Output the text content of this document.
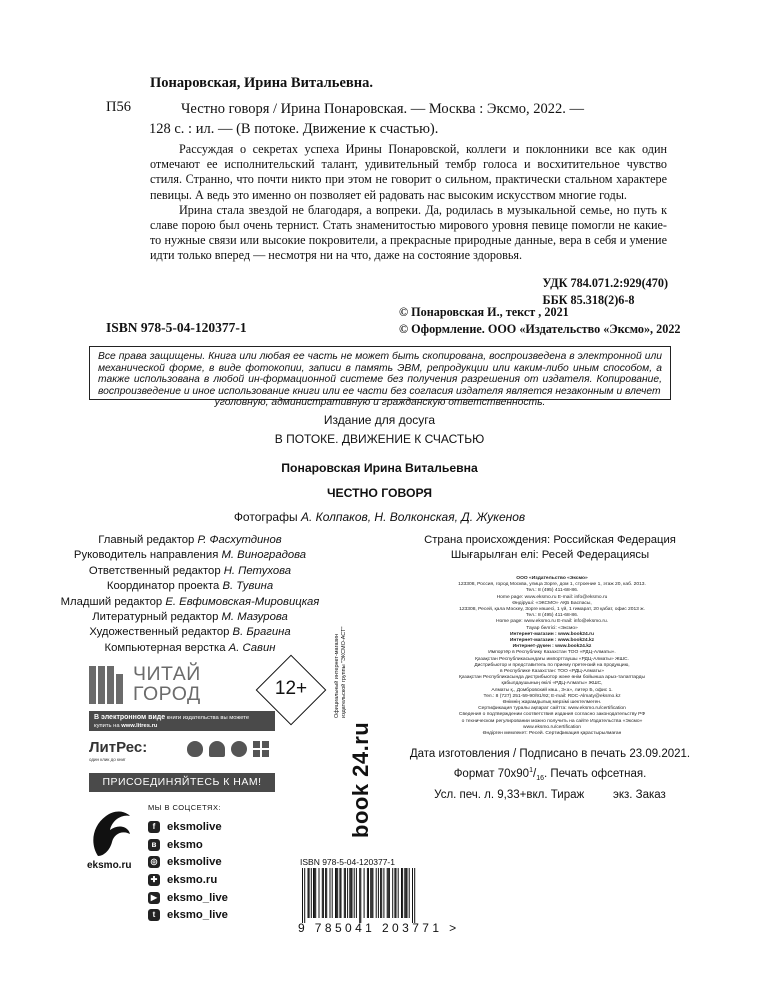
Понаровская, Ирина Витальевна.
П56	Честно говоря / Ирина Понаровская. — Москва : Эксмо, 2022. —
128 с. : ил. — (В потоке. Движение к счастью).

Рассуждая о секретах успеха Ирины Понаровской, коллеги и поклонники все как один отмечают ее исполнительский талант, удивительный тембр голоса и восхитительное чувство стиля. Странно, что почти никто при этом не говорит о сильном, практически стальном характере певицы. А ведь это именно он позволяет ей радовать нас высоким искусством многие годы.

Ирина стала звездой не благодаря, а вопреки. Да, родилась в музыкальной семье, но путь к славе порою был очень тернист. Стать знаменитостью мирового уровня певице помогли не какие-то нужные связи или высокие покровители, а прекрасные природные данные, вера в себя и умение идти только вперед — несмотря ни на что, даже на состояние здоровья.

УДК 784.071.2:929(470)
ББК 85.318(2)6-8
ISBN 978-5-04-120377-1
© Понаровская И., текст , 2021
© Оформление. ООО «Издательство «Эксмо», 2022
Все права защищены. Книга или любая ее часть не может быть скопирована, воспроизведена в электронной или механической форме, в виде фотокопии, записи в память ЭВМ, репродукции или каким-либо иным способом, а также использована в любой ин-формационной системе без получения разрешения от издателя. Копирование, воспроизведение и иное использование книги или ее части без согласия издателя является незаконным и влечет
уголовную, административную и гражданскую ответственность.
Издание для досуга
В ПОТОКЕ. ДВИЖЕНИЕ К СЧАСТЬЮ
Понаровская Ирина Витальевна
ЧЕСТНО ГОВОРЯ
Фотографы А. Колпаков, Н. Волконская, Д. Жукенов
Главный редактор Р. Фасхутдинов
Руководитель направления М. Виноградова
Ответственный редактор Н. Петухова
Координатор проекта В. Тувина
Младший редактор Е. Евфимовская-Мировицкая
Литературный редактор М. Мазурова
Художественный редактор В. Брагина
Компьютерная верстка А. Савин
Страна происхождения: Российская Федерация
Шығарылған елі: Ресей Федерациясы
ООО «Издательство «Эксмо»
123308, Россия, город Москва, улица Зорге, дом 1, строение 1, этаж 20, каб. 2013.
Тел.: 8 (495) 411-68-86.
Home page: www.eksmo.ru E-mail: info@eksmo.ru
Өндіруші: «ЭКСМО» АҚБ Баспасы,
123308, Ресей, қала Мәскеу, Зорге көшесі, 1 үй, 1 ғимарат, 20 қабат, офис 2013 ж.
Тел.: 8 (495) 411-68-86.
Home page: www.eksmo.ru E-mail: info@eksmo.ru.
Тауар белгісі: «Эксмо»
Интернет-магазин : www.book24.ru
Интернет-магазин : www.book24.kz
Интернет-дүкен : www.book24.kz
Импортёр в Республику Казахстан ТОО «РДЦ-Алматы».
Қазақстан Республикасындағы импорттаушы «РДЦ-Алматы» ЖШС.
Дистрибьютор и представитель по приему претензий на продукцию,
в Республике Казахстан: ТОО «РДЦ-Алматы»
Қазақстан Республикасында дистрибьютор және өнім бойынша арыз-талаптарды
қабылдаушының өкілі «РДЦ-Алматы» ЖШС,
Алматы қ., Домбровский көш., 3«а», литер Б, офис 1.
Тел.: 8 (727) 251-59-90/91/92; E-mail: RDC-Almaty@eksmo.kz
Өнімнің жарамдылық мерзімі шектелмеген.
Сертификация туралы ақпарат сайтта: www.eksmo.ru/certification
Сведения о подтверждении соответствия издания согласно законодательству РФ
о техническом регулировании можно получить на сайте Издательства «Эксмо»
www.eksmo.ru/certification
Өндірген мемлекет: Ресей. Сертификация қарастырылмаған
Дата изготовления / Подписано в печать 23.09.2021.
Формат $70х90^1/_{16}$. Печать офсетная.
Усл. печ. л. 9,33+вкл. Тираж	экз. Заказ
ЧИТАЙ
ГОРОД	12+	Официальный интернет-магазин издательской группы "ЭКСМО-АСТ"
book 24.ru
В электронном виде книги издательства вы можете
купить на www.litres.ru
ЛитРес:
один клик до книг
ПРИСОЕДИНЯЙТЕСЬ К НАМ!
eksmo.ru
МЫ В СОЦСЕТЯХ:
f	eksmolive
в eksmo
◎ eksmolive
✚ eksmo.ru
▶ eksmo_live
t	eksmo_live
ISBN 978-5-04-120377-1
9 785041 203771 >
